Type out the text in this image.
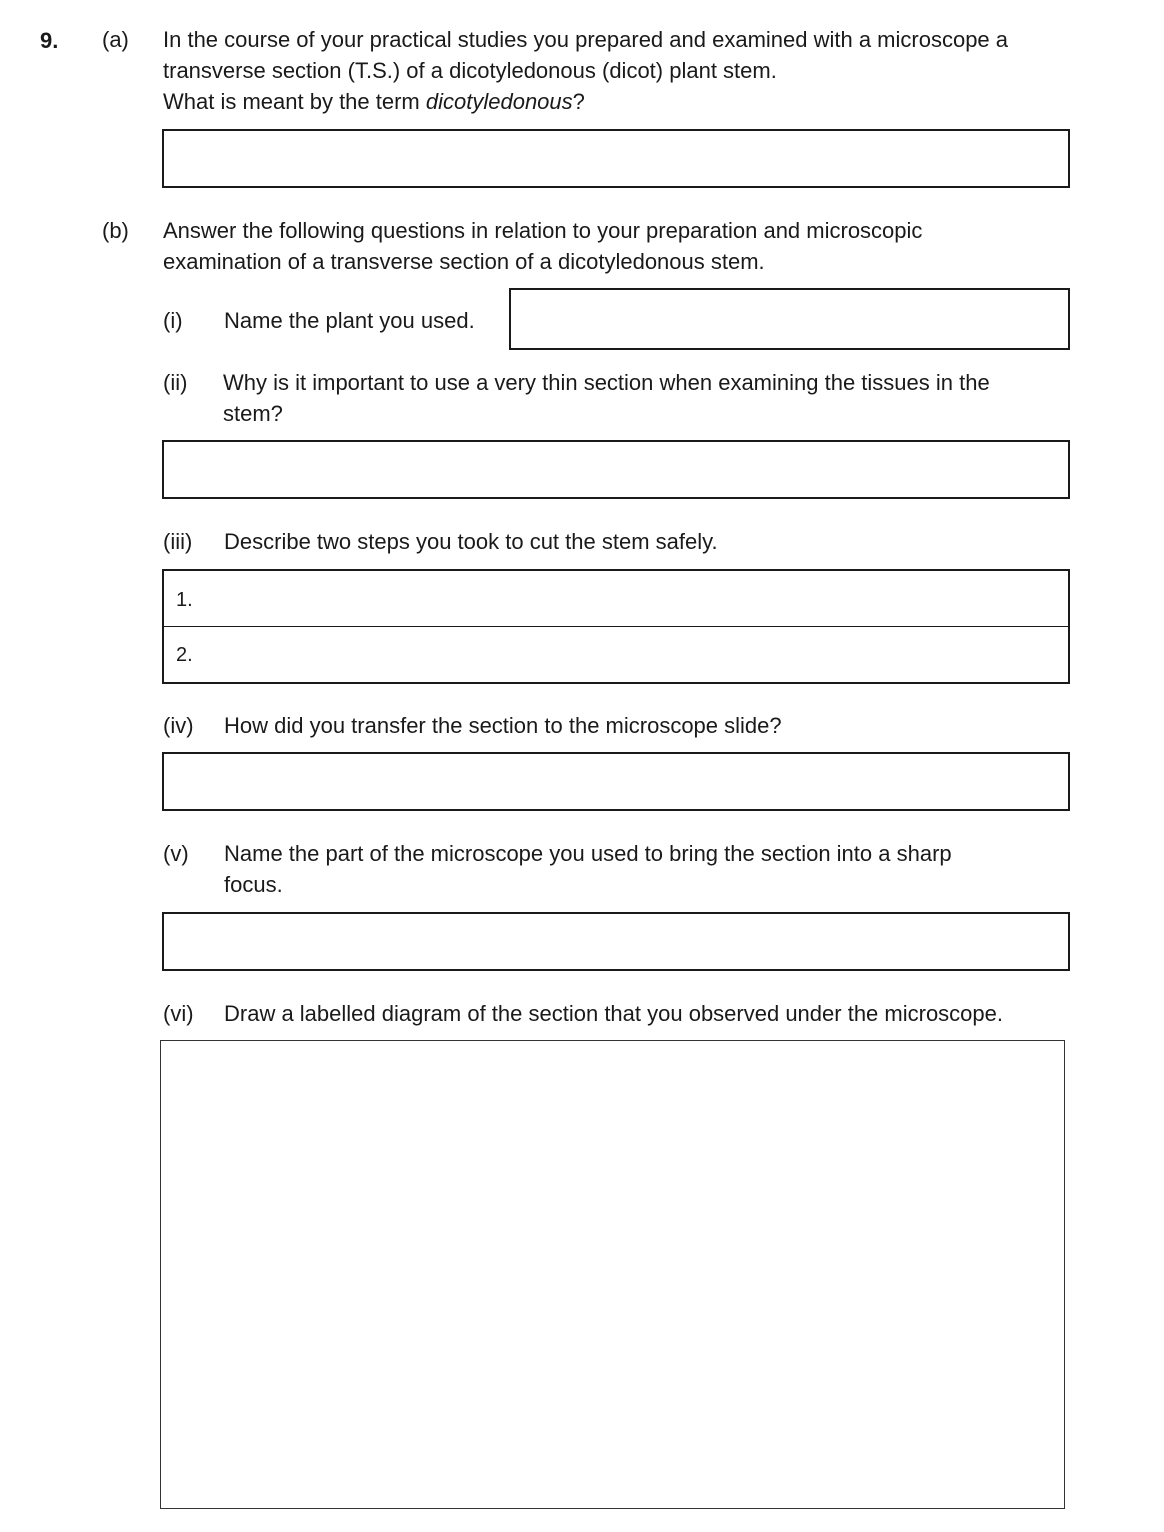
9. (a) In the course of your practical studies you prepared and examined with a microscope a
transverse section (T.S.) of a dicotyledonous (dicot) plant stem.
What is meant by the term dicotyledonous?
(b) Answer the following questions in relation to your preparation and microscopic
examination of a transverse section of a dicotyledonous stem.
(i) Name the plant you used.
(ii) Why is it important to use a very thin section when examining the tissues in the
stem?
(iii) Describe two steps you took to cut the stem safely.
1.
2.
(iv) How did you transfer the section to the microscope slide?
(v) Name the part of the microscope you used to bring the section into a sharp
focus.
(vi) Draw a labelled diagram of the section that you observed under the microscope.
